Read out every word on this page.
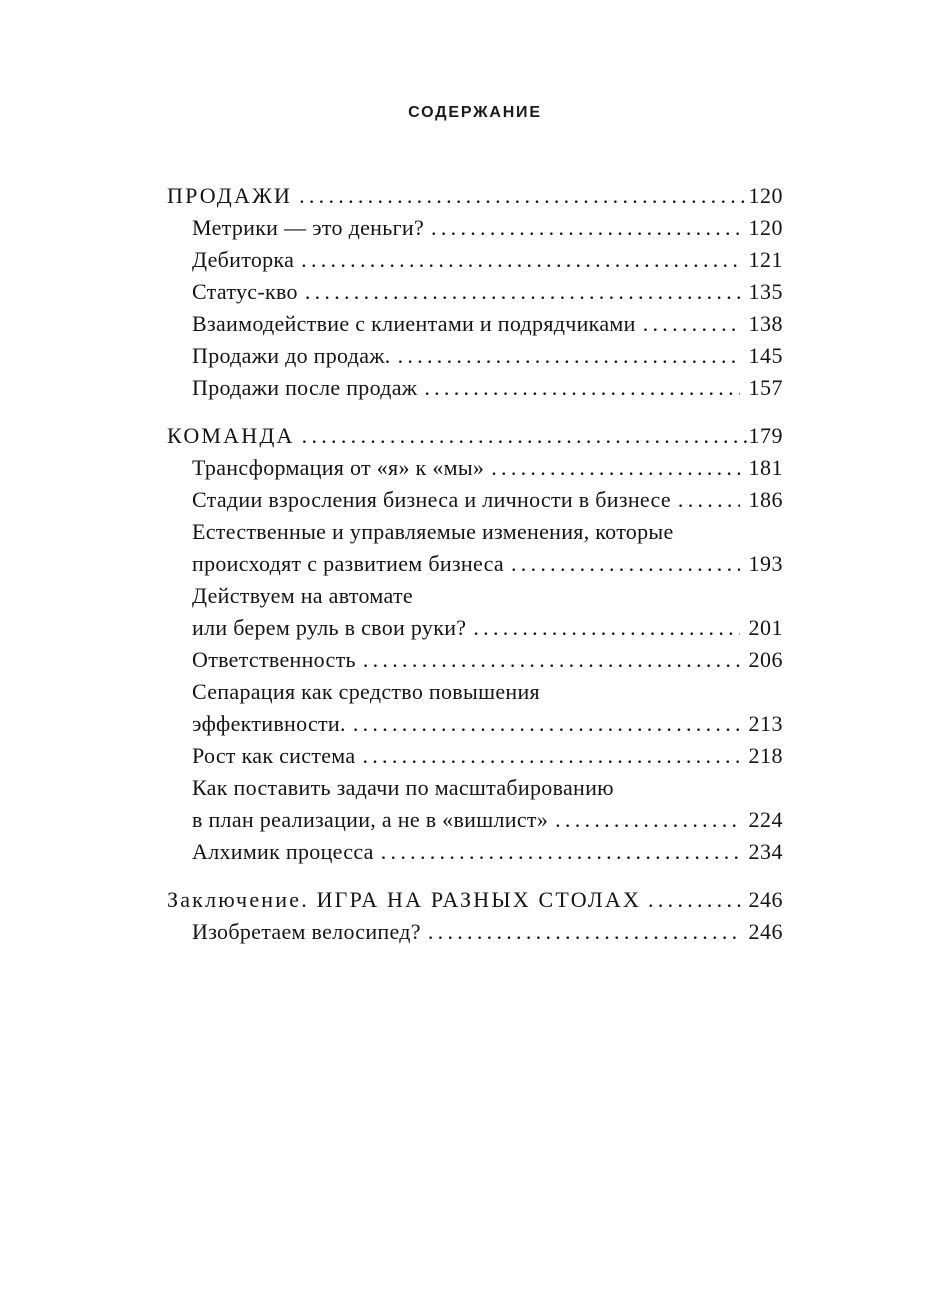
СОДЕРЖАНИЕ
ПРОДАЖИ .....	120
Метрики — это деньги? .....	120
Дебиторка .....	121
Статус-кво .....	135
Взаимодействие с клиентами и подрядчиками .....	138
Продажи до продаж. .....	145
Продажи после продаж .....	157
КОМАНДА .....	179
Трансформация от «я» к «мы» .....	181
Стадии взросления бизнеса и личности в бизнесе .....	186
Естественные и управляемые изменения, которые
происходят с развитием бизнеса .....	193
Действуем на автомате
или берем руль в свои руки? .....	201
Ответственность .....	206
Сепарация как средство повышения
эффективности. .....	213
Рост как система .....	218
Как поставить задачи по масштабированию
в план реализации, а не в «вишлист» .....	224
Алхимик процесса .....	234
Заключение. ИГРА НА РАЗНЫХ СТОЛАХ .....	246
Изобретаем велосипед? .....	246
